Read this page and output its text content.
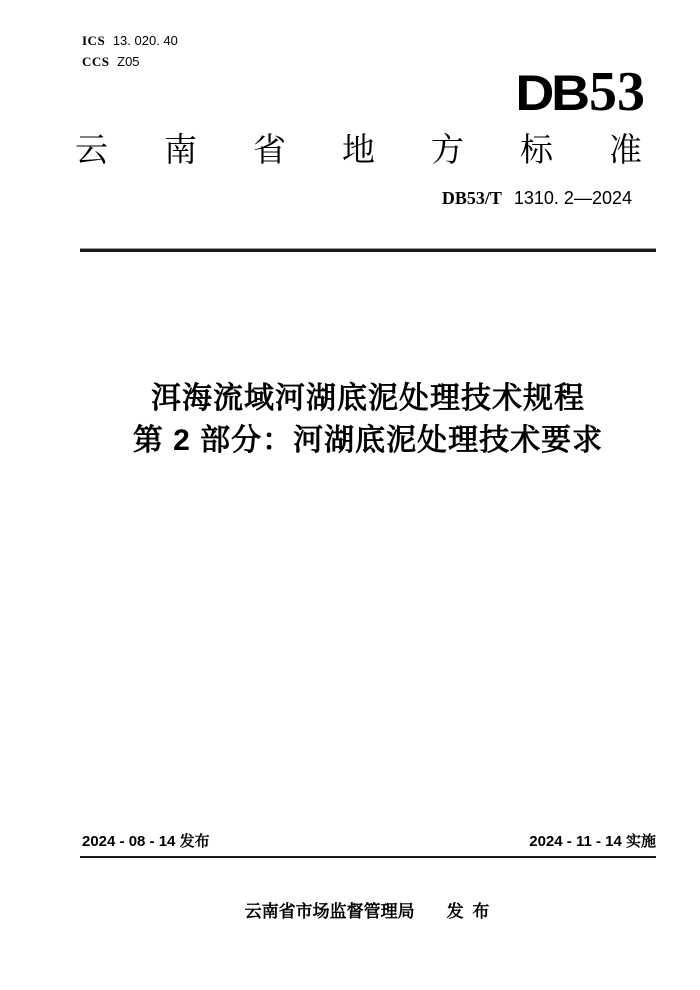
ICS 13. 020. 40
CCS Z05
DB53
云 南 省 地 方 标 准
DB53/T 1310. 2—2024
洱海流域河湖底泥处理技术规程
第 2 部分：河湖底泥处理技术要求
2024 - 08 - 14 发布	2024 - 11 - 14 实施
云南省市场监督管理局 发 布
